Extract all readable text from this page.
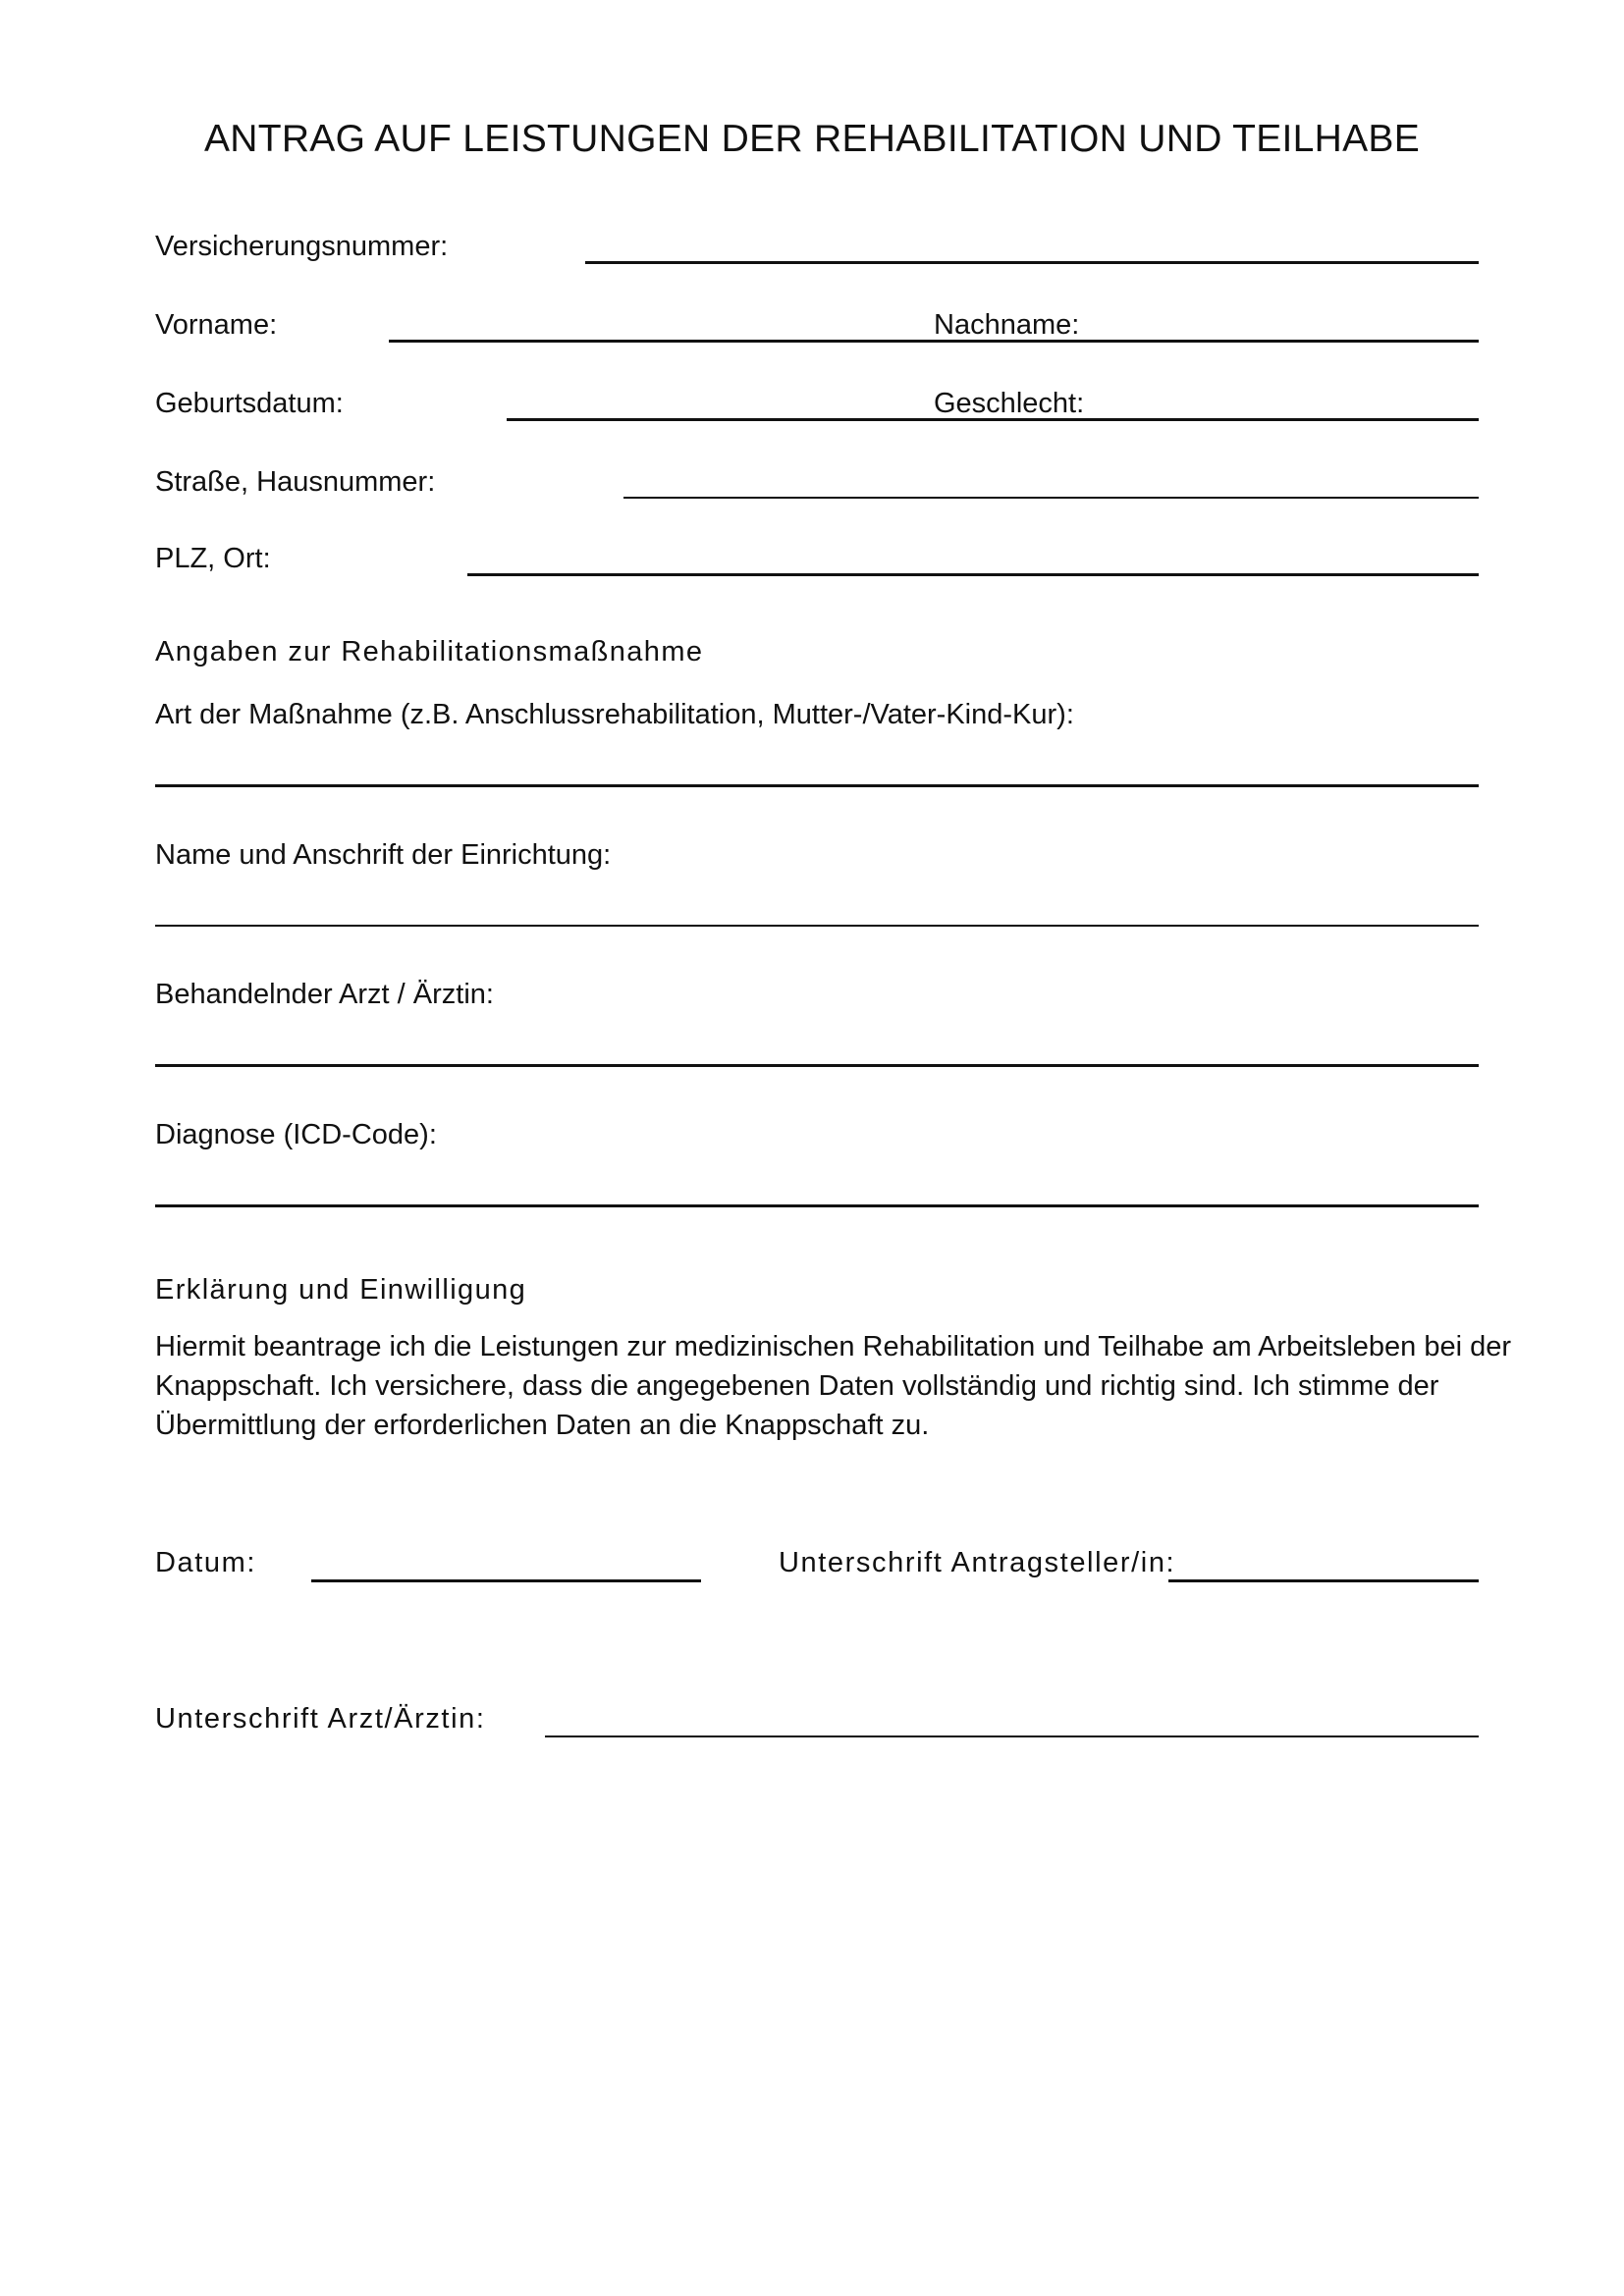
ANTRAG AUF LEISTUNGEN DER REHABILITATION UND TEILHABE
Versicherungsnummer:
Vorname:	Nachname:
Geburtsdatum:	Geschlecht:
Straße, Hausnummer:
PLZ, Ort:
Angaben zur Rehabilitationsmaßnahme
Art der Maßnahme (z.B. Anschlussrehabilitation, Mutter-/Vater-Kind-Kur):
Name und Anschrift der Einrichtung:
Behandelnder Arzt / Ärztin:
Diagnose (ICD-Code):
Erklärung und Einwilligung
Hiermit beantrage ich die Leistungen zur medizinischen Rehabilitation und Teilhabe am Arbeitsleben bei der
Knappschaft. Ich versichere, dass die angegebenen Daten vollständig und richtig sind. Ich stimme der
Übermittlung der erforderlichen Daten an die Knappschaft zu.
Datum:	Unterschrift Antragsteller/in:
Unterschrift Arzt/Ärztin:
